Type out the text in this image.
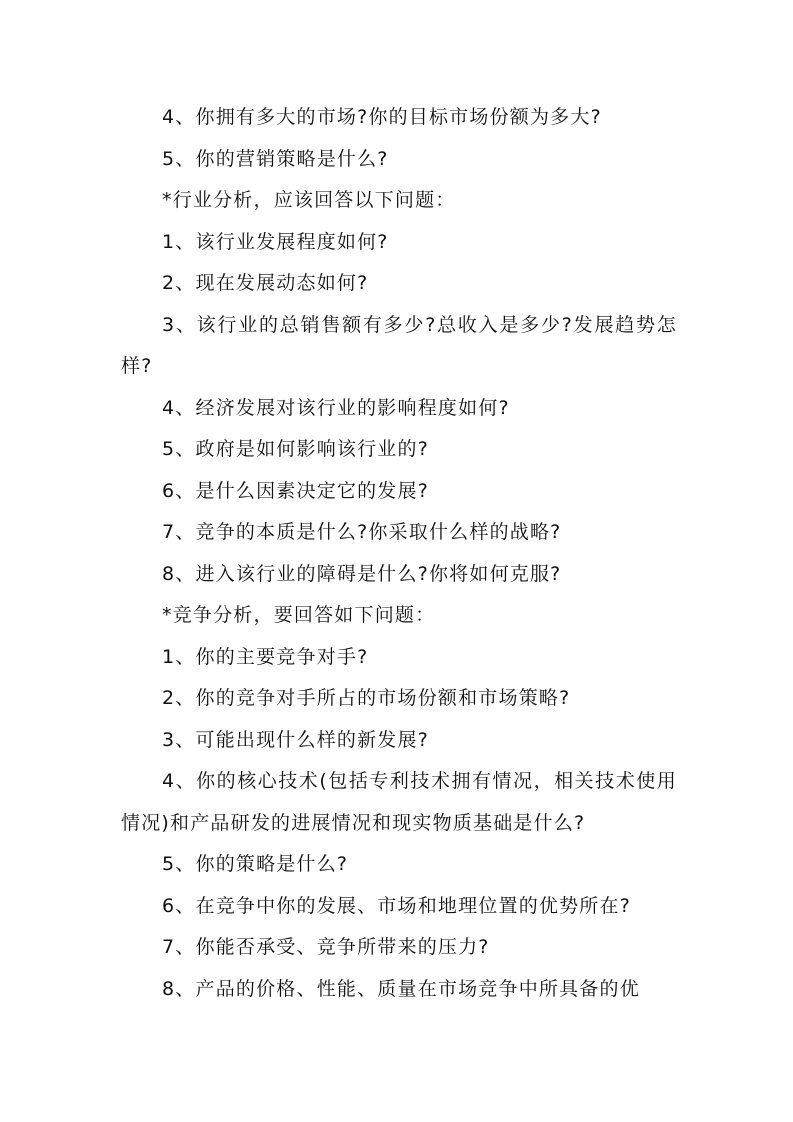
4、你拥有多大的市场?你的目标市场份额为多大?

5、你的营销策略是什么?

*行业分析，应该回答以下问题：

1、该行业发展程度如何?

2、现在发展动态如何?

3、该行业的总销售额有多少?总收入是多少?发展趋势怎样?

4、经济发展对该行业的影响程度如何?

5、政府是如何影响该行业的?

6、是什么因素决定它的发展?

7、竞争的本质是什么?你采取什么样的战略?

8、进入该行业的障碍是什么?你将如何克服?

*竞争分析，要回答如下问题：

1、你的主要竞争对手?

2、你的竞争对手所占的市场份额和市场策略?

3、可能出现什么样的新发展?

4、你的核心技术(包括专利技术拥有情况，相关技术使用情况)和产品研发的进展情况和现实物质基础是什么?

5、你的策略是什么?

6、在竞争中你的发展、市场和地理位置的优势所在?

7、你能否承受、竞争所带来的压力?

8、产品的价格、性能、质量在市场竞争中所具备的优
